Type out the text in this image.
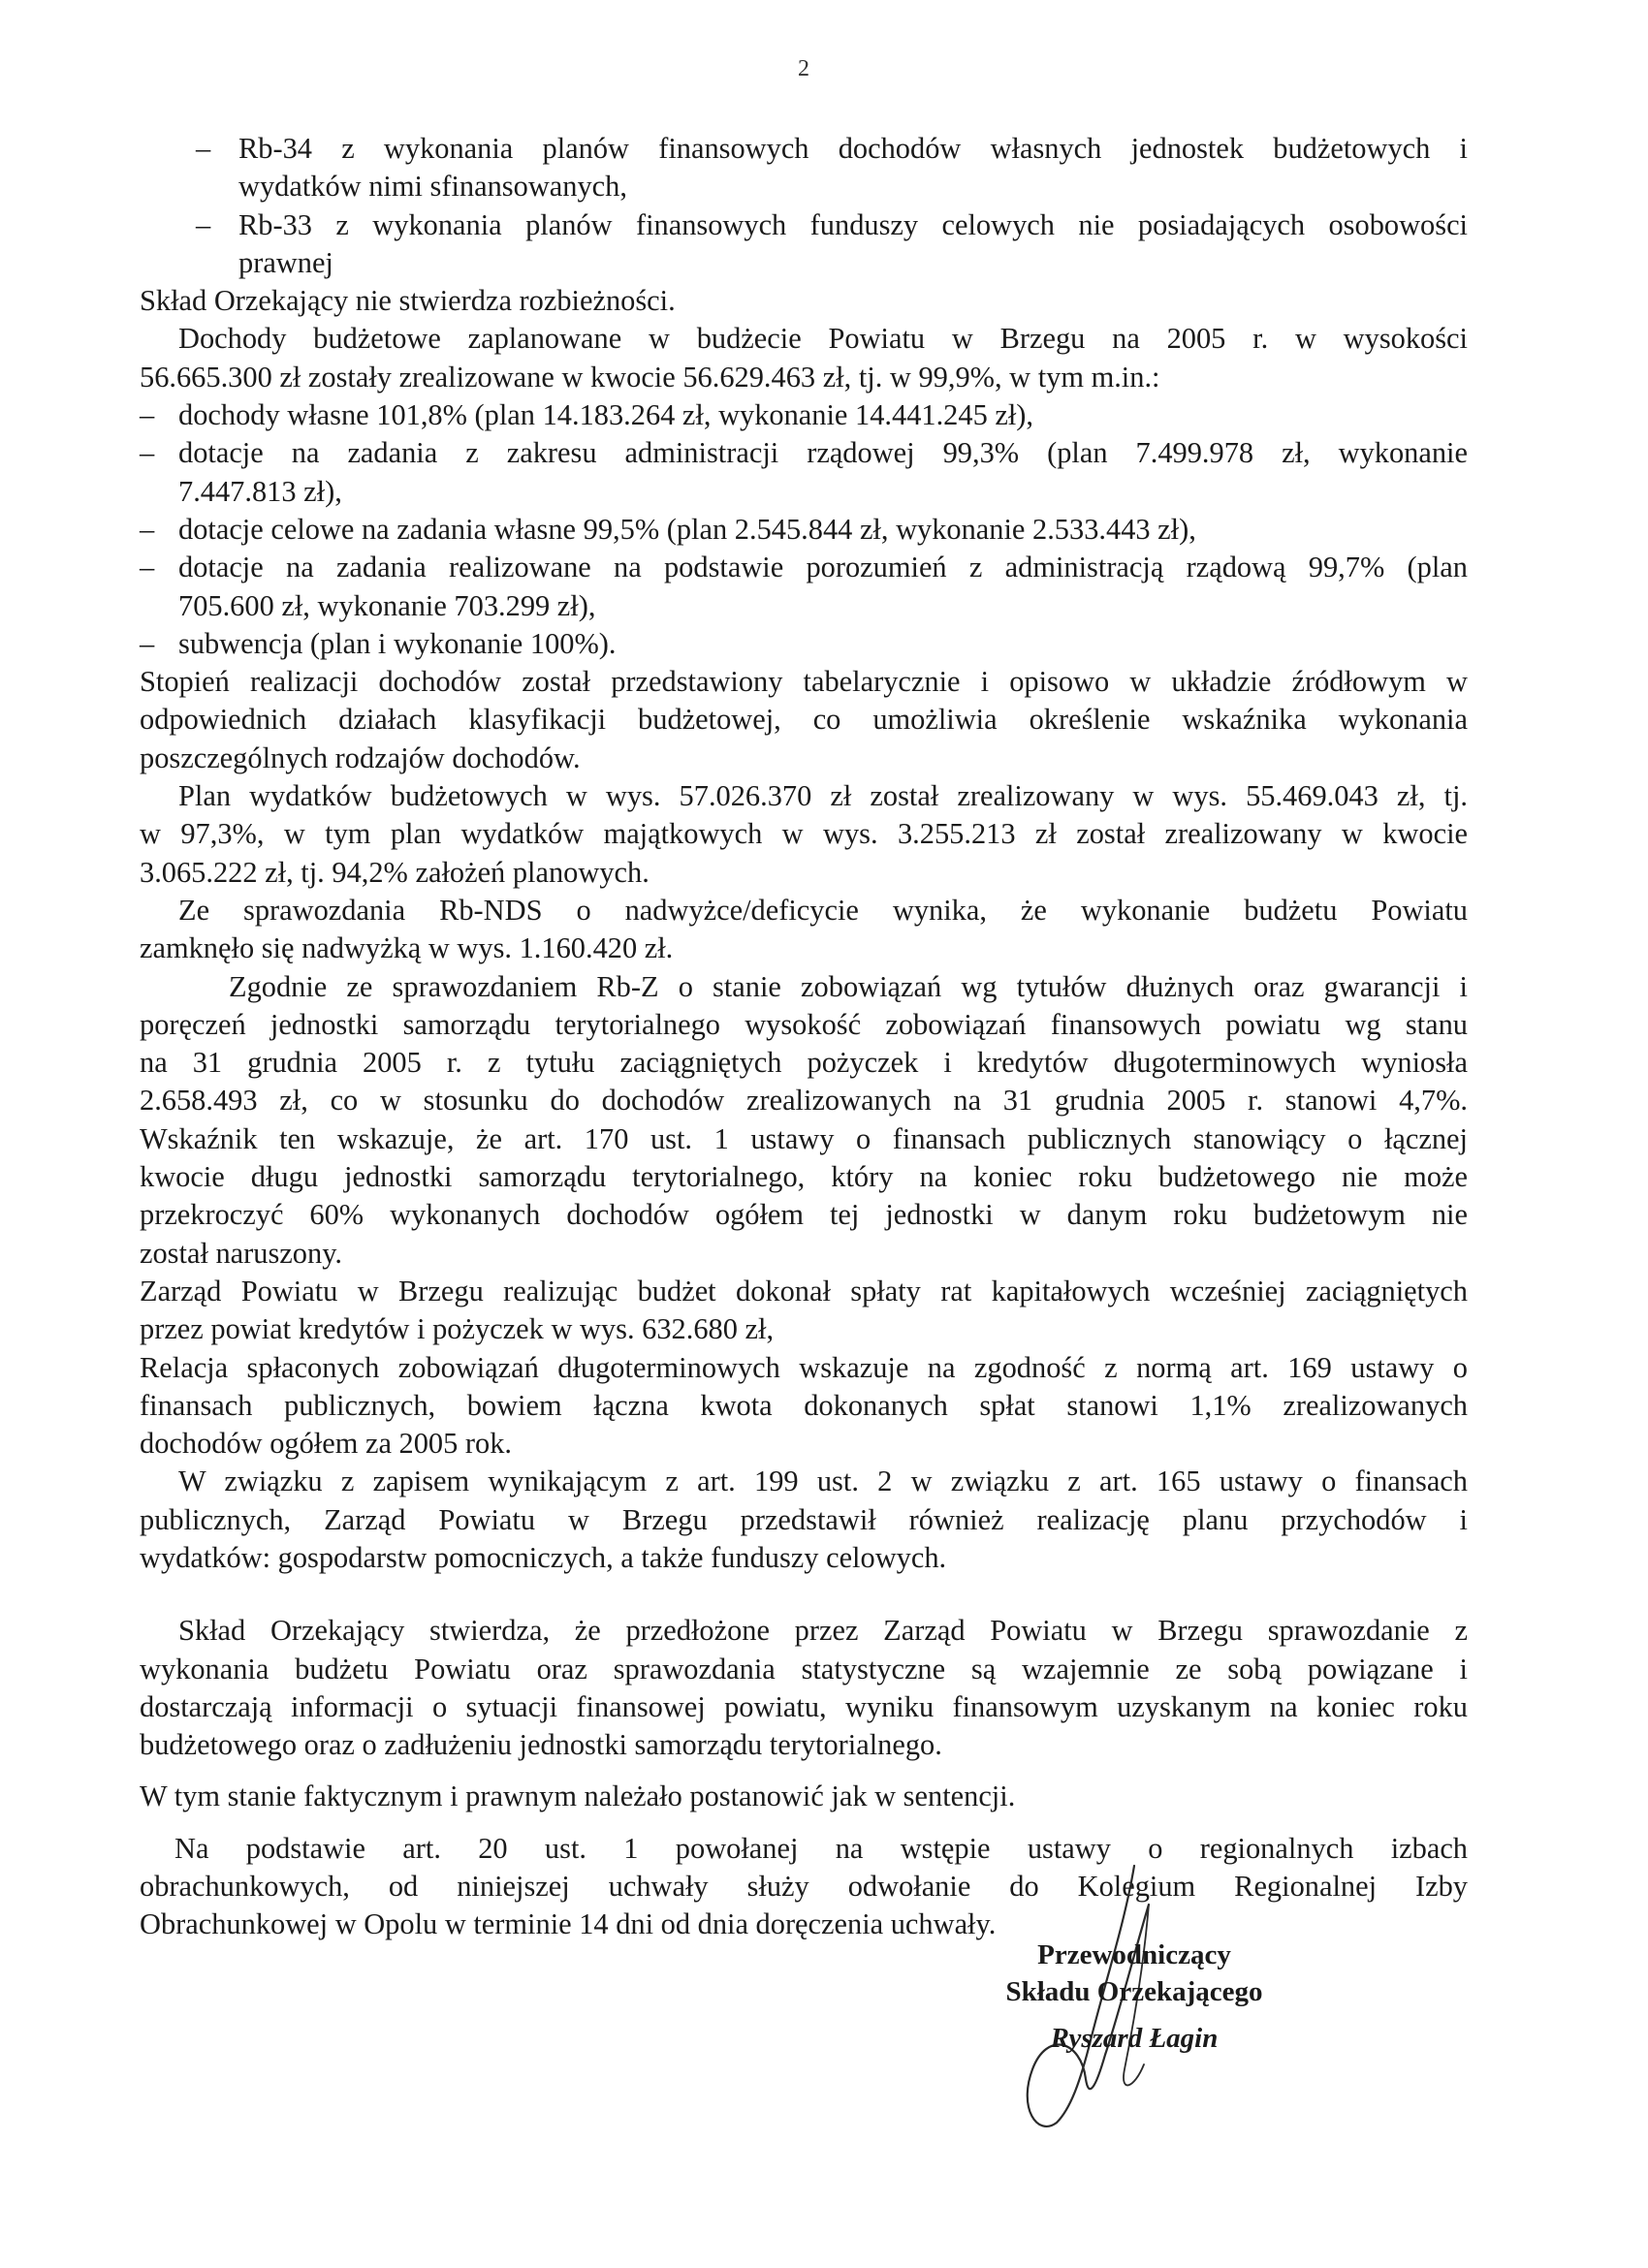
2
– Rb-34 z wykonania planów finansowych dochodów własnych jednostek budżetowych i
wydatków nimi sfinansowanych,
– Rb-33 z wykonania planów finansowych funduszy celowych nie posiadających osobowości
prawnej
Skład Orzekający nie stwierdza rozbieżności.
Dochody budżetowe zaplanowane w budżecie Powiatu w Brzegu na 2005 r. w wysokości
56.665.300 zł zostały zrealizowane w kwocie 56.629.463 zł, tj. w 99,9%, w tym m.in.:
– dochody własne 101,8% (plan 14.183.264 zł, wykonanie 14.441.245 zł),
– dotacje na zadania z zakresu administracji rządowej 99,3% (plan 7.499.978 zł, wykonanie
7.447.813 zł),
– dotacje celowe na zadania własne 99,5% (plan 2.545.844 zł, wykonanie 2.533.443 zł),
– dotacje na zadania realizowane na podstawie porozumień z administracją rządową 99,7% (plan
705.600 zł, wykonanie 703.299 zł),
– subwencja (plan i wykonanie 100%).
Stopień realizacji dochodów został przedstawiony tabelarycznie i opisowo w układzie źródłowym w
odpowiednich działach klasyfikacji budżetowej, co umożliwia określenie wskaźnika wykonania
poszczególnych rodzajów dochodów.
Plan wydatków budżetowych w wys. 57.026.370 zł został zrealizowany w wys. 55.469.043 zł, tj.
w 97,3%, w tym plan wydatków majątkowych w wys. 3.255.213 zł został zrealizowany w kwocie
3.065.222 zł, tj. 94,2% założeń planowych.
Ze sprawozdania Rb-NDS o nadwyżce/deficycie wynika, że wykonanie budżetu Powiatu
zamknęło się nadwyżką w wys. 1.160.420 zł.
Zgodnie ze sprawozdaniem Rb-Z o stanie zobowiązań wg tytułów dłużnych oraz gwarancji i
poręczeń jednostki samorządu terytorialnego wysokość zobowiązań finansowych powiatu wg stanu
na 31 grudnia 2005 r. z tytułu zaciągniętych pożyczek i kredytów długoterminowych wyniosła
2.658.493 zł, co w stosunku do dochodów zrealizowanych na 31 grudnia 2005 r. stanowi 4,7%.
Wskaźnik ten wskazuje, że art. 170 ust. 1 ustawy o finansach publicznych stanowiący o łącznej
kwocie długu jednostki samorządu terytorialnego, który na koniec roku budżetowego nie może
przekroczyć 60% wykonanych dochodów ogółem tej jednostki w danym roku budżetowym nie
został naruszony.
Zarząd Powiatu w Brzegu realizując budżet dokonał spłaty rat kapitałowych wcześniej zaciągniętych
przez powiat kredytów i pożyczek w wys. 632.680 zł,
Relacja spłaconych zobowiązań długoterminowych wskazuje na zgodność z normą art. 169 ustawy o
finansach publicznych, bowiem łączna kwota dokonanych spłat stanowi 1,1% zrealizowanych
dochodów ogółem za 2005 rok.
W związku z zapisem wynikającym z art. 199 ust. 2 w związku z art. 165 ustawy o finansach
publicznych, Zarząd Powiatu w Brzegu przedstawił również realizację planu przychodów i
wydatków: gospodarstw pomocniczych, a także funduszy celowych.
Skład Orzekający stwierdza, że przedłożone przez Zarząd Powiatu w Brzegu sprawozdanie z
wykonania budżetu Powiatu oraz sprawozdania statystyczne są wzajemnie ze sobą powiązane i
dostarczają informacji o sytuacji finansowej powiatu, wyniku finansowym uzyskanym na koniec roku
budżetowego oraz o zadłużeniu jednostki samorządu terytorialnego.
W tym stanie faktycznym i prawnym należało postanowić jak w sentencji.
Na podstawie art. 20 ust. 1 powołanej na wstępie ustawy o regionalnych izbach
obrachunkowych, od niniejszej uchwały służy odwołanie do Kolegium Regionalnej Izby
Obrachunkowej w Opolu w terminie 14 dni od dnia doręczenia uchwały.
Przewodniczący
Składu Orzekającego
Ryszard Łagin
